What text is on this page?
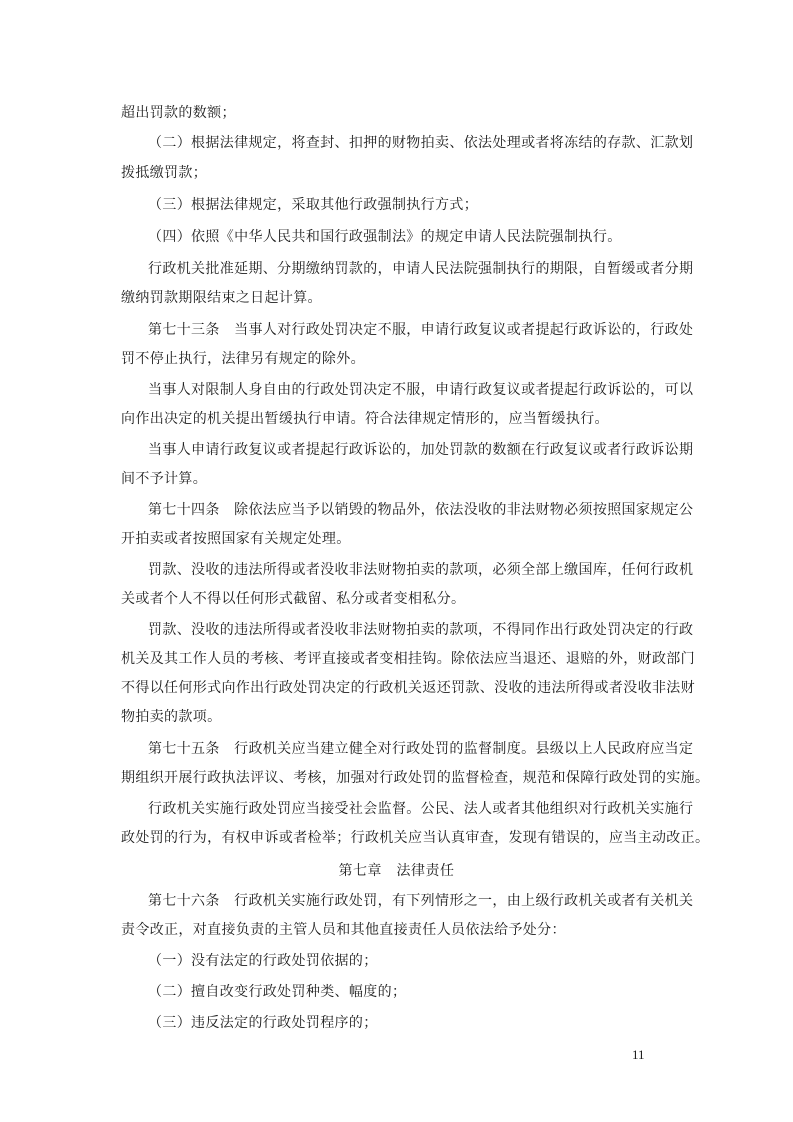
超出罚款的数额；
（二）根据法律规定，将查封、扣押的财物拍卖、依法处理或者将冻结的存款、汇款划
拨抵缴罚款；
（三）根据法律规定，采取其他行政强制执行方式；
（四）依照《中华人民共和国行政强制法》的规定申请人民法院强制执行。
行政机关批准延期、分期缴纳罚款的，申请人民法院强制执行的期限，自暂缓或者分期
缴纳罚款期限结束之日起计算。
第七十三条　当事人对行政处罚决定不服，申请行政复议或者提起行政诉讼的，行政处
罚不停止执行，法律另有规定的除外。
当事人对限制人身自由的行政处罚决定不服，申请行政复议或者提起行政诉讼的，可以
向作出决定的机关提出暂缓执行申请。符合法律规定情形的，应当暂缓执行。
当事人申请行政复议或者提起行政诉讼的，加处罚款的数额在行政复议或者行政诉讼期
间不予计算。
第七十四条　除依法应当予以销毁的物品外，依法没收的非法财物必须按照国家规定公
开拍卖或者按照国家有关规定处理。
罚款、没收的违法所得或者没收非法财物拍卖的款项，必须全部上缴国库，任何行政机
关或者个人不得以任何形式截留、私分或者变相私分。
罚款、没收的违法所得或者没收非法财物拍卖的款项，不得同作出行政处罚决定的行政
机关及其工作人员的考核、考评直接或者变相挂钩。除依法应当退还、退赔的外，财政部门
不得以任何形式向作出行政处罚决定的行政机关返还罚款、没收的违法所得或者没收非法财
物拍卖的款项。
第七十五条　行政机关应当建立健全对行政处罚的监督制度。县级以上人民政府应当定
期组织开展行政执法评议、考核，加强对行政处罚的监督检查，规范和保障行政处罚的实施。
行政机关实施行政处罚应当接受社会监督。公民、法人或者其他组织对行政机关实施行
政处罚的行为，有权申诉或者检举；行政机关应当认真审查，发现有错误的，应当主动改正。
第七章　法律责任
第七十六条　行政机关实施行政处罚，有下列情形之一，由上级行政机关或者有关机关
责令改正，对直接负责的主管人员和其他直接责任人员依法给予处分：
（一）没有法定的行政处罚依据的；
（二）擅自改变行政处罚种类、幅度的；
（三）违反法定的行政处罚程序的；
11
